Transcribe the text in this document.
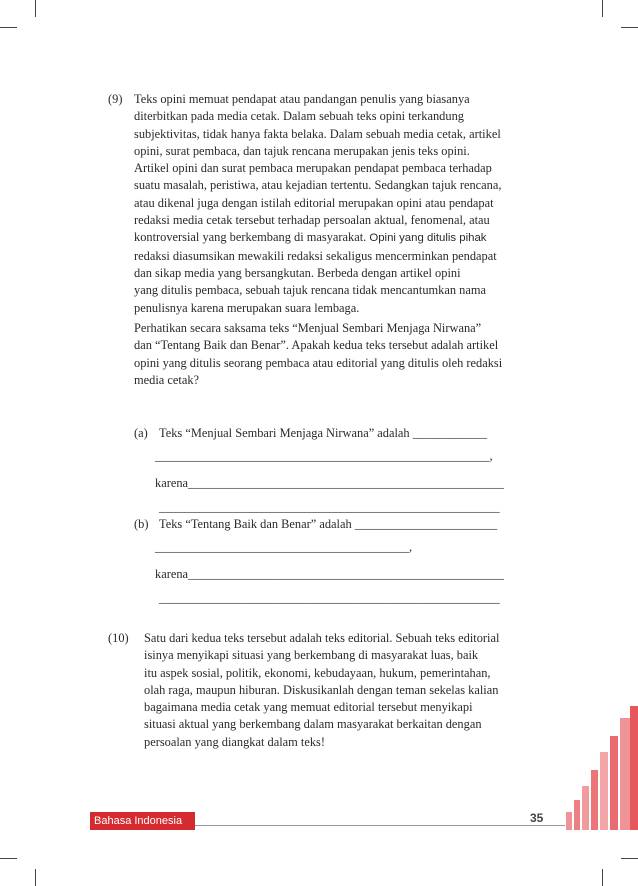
(9) Teks opini memuat pendapat atau pandangan penulis yang biasanya
diterbitkan pada media cetak. Dalam sebuah teks opini terkandung
subjektivitas, tidak hanya fakta belaka. Dalam sebuah media cetak, artikel
opini, surat pembaca, dan tajuk rencana merupakan jenis teks opini.
Artikel opini dan surat pembaca merupakan pendapat pembaca terhadap
suatu masalah, peristiwa, atau kejadian tertentu. Sedangkan tajuk rencana,
atau dikenal juga dengan istilah editorial merupakan opini atau pendapat
redaksi media cetak tersebut terhadap persoalan aktual, fenomenal, atau
kontroversial yang berkembang di masyarakat. Opini yang ditulis pihak
redaksi diasumsikan mewakili redaksi sekaligus mencerminkan pendapat
dan sikap media yang bersangkutan. Berbeda dengan artikel opini
yang ditulis pembaca, sebuah tajuk rencana tidak mencantumkan nama
penulisnya karena merupakan suara lembaga.
Perhatikan secara saksama teks “Menjual Sembari Menjaga Nirwana”
dan “Tentang Baik dan Benar”. Apakah kedua teks tersebut adalah artikel
opini yang ditulis seorang pembaca atau editorial yang ditulis oleh redaksi
media cetak?
(a) Teks “Menjual Sembari Menjaga Nirwana” adalah ____________
______________________________________________________,
karena___________________________________________________
_______________________________________________________
(b) Teks “Tentang Baik dan Benar” adalah _______________________
_________________________________________,
karena___________________________________________________
_______________________________________________________
(10) Satu dari kedua teks tersebut adalah teks editorial. Sebuah teks editorial
isinya menyikapi situasi yang berkembang di masyarakat luas, baik
itu aspek sosial, politik, ekonomi, kebudayaan, hukum, pemerintahan,
olah raga, maupun hiburan. Diskusikanlah dengan teman sekelas kalian
bagaimana media cetak yang memuat editorial tersebut menyikapi
situasi aktual yang berkembang dalam masyarakat berkaitan dengan
persoalan yang diangkat dalam teks!
Bahasa Indonesia	35
